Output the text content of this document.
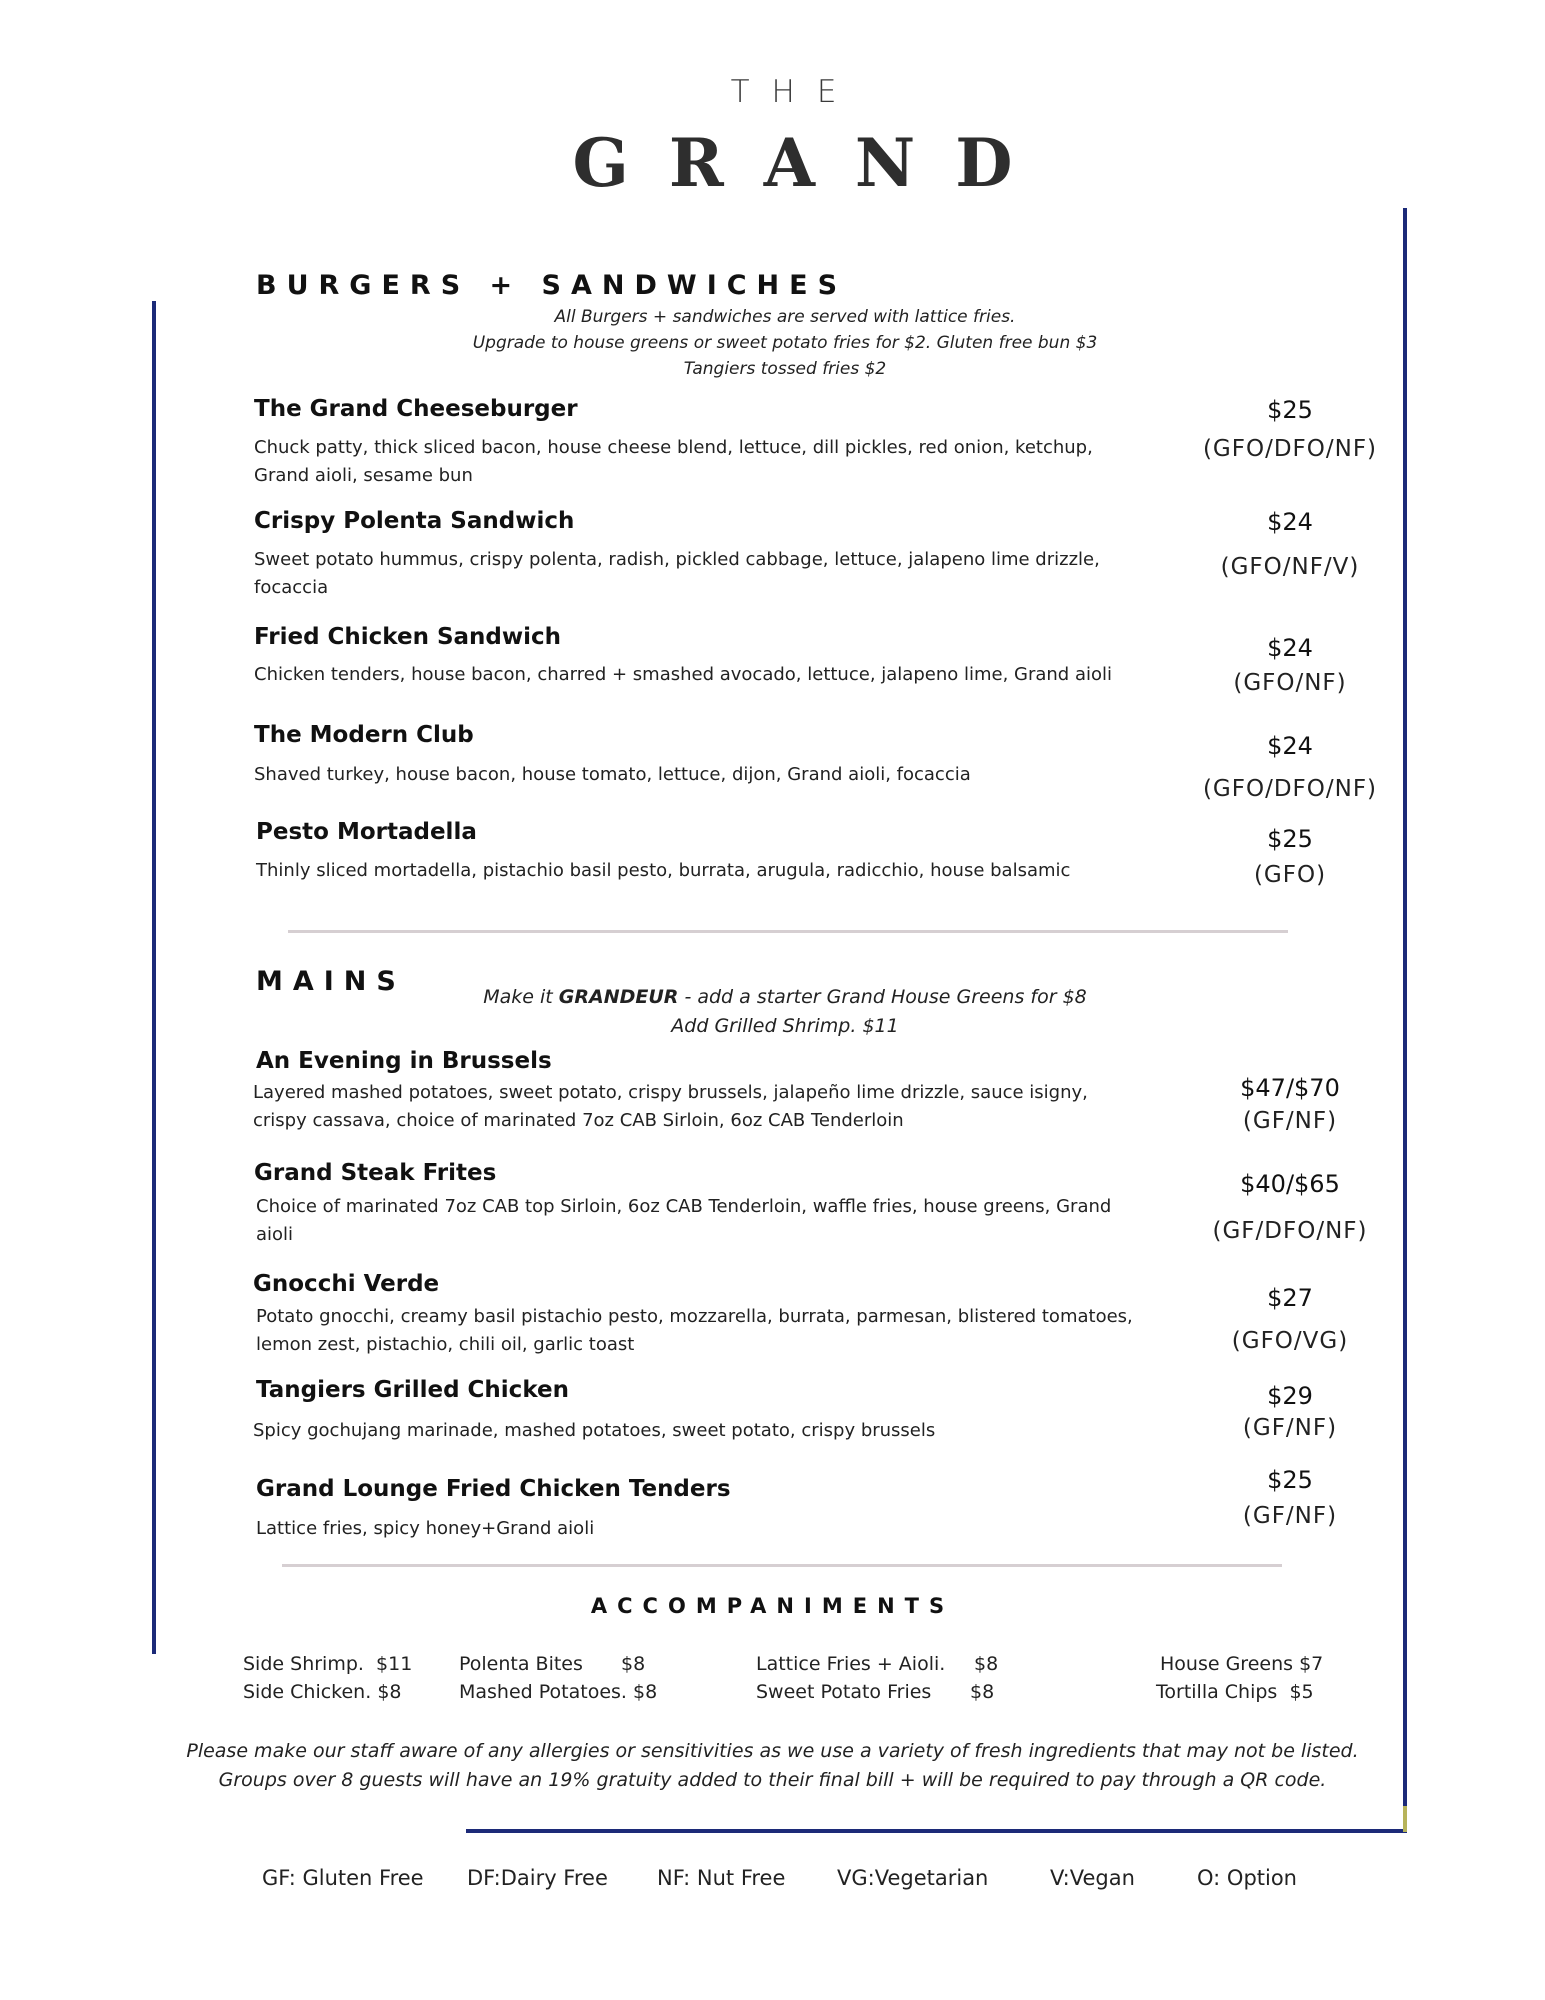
THE
GRAND
BURGERS + SANDWICHES
All Burgers + sandwiches are served with lattice fries.
Upgrade to house greens or sweet potato fries for $2. Gluten free bun $3
Tangiers tossed fries $2
The Grand Cheeseburger
Chuck patty, thick sliced bacon, house cheese blend, lettuce, dill pickles, red onion, ketchup, Grand aioli, sesame bun
$25
(GFO/DFO/NF)
Crispy Polenta Sandwich
Sweet potato hummus, crispy polenta, radish, pickled cabbage, lettuce, jalapeno lime drizzle, focaccia
$24
(GFO/NF/V)
Fried Chicken Sandwich
Chicken tenders, house bacon, charred + smashed avocado, lettuce, jalapeno lime, Grand aioli
$24
(GFO/NF)
The Modern Club
Shaved turkey, house bacon, house tomato, lettuce, dijon, Grand aioli, focaccia
$24
(GFO/DFO/NF)
Pesto Mortadella
Thinly sliced mortadella, pistachio basil pesto, burrata, arugula, radicchio, house balsamic
$25
(GFO)
MAINS	Make it GRANDEUR - add a starter Grand House Greens for $8
Add Grilled Shrimp. $11
An Evening in Brussels
Layered mashed potatoes, sweet potato, crispy brussels, jalapeño lime drizzle, sauce isigny, crispy cassava, choice of marinated 7oz CAB Sirloin, 6oz CAB Tenderloin
$47/$70
(GF/NF)
Grand Steak Frites
Choice of marinated 7oz CAB top Sirloin, 6oz CAB Tenderloin, waffle fries, house greens, Grand aioli
$40/$65
(GF/DFO/NF)
Gnocchi Verde
Potato gnocchi, creamy basil pistachio pesto, mozzarella, burrata, parmesan, blistered tomatoes, lemon zest, pistachio, chili oil, garlic toast
$27
(GFO/VG)
Tangiers Grilled Chicken
Spicy gochujang marinade, mashed potatoes, sweet potato, crispy brussels
$29
(GF/NF)
Grand Lounge Fried Chicken Tenders
Lattice fries, spicy honey+Grand aioli
$25
(GF/NF)
ACCOMPANIMENTS
Side Shrimp. $11
Side Chicken. $8
Polenta Bites $8
Mashed Potatoes. $8
Lattice Fries + Aioli. $8
Sweet Potato Fries $8
House Greens $7
Tortilla Chips $5
Please make our staff aware of any allergies or sensitivities as we use a variety of fresh ingredients that may not be listed.
Groups over 8 guests will have an 19% gratuity added to their final bill + will be required to pay through a QR code.
GF: Gluten Free DF:Dairy Free NF: Nut Free VG:Vegetarian	V:Vegan	O: Option
